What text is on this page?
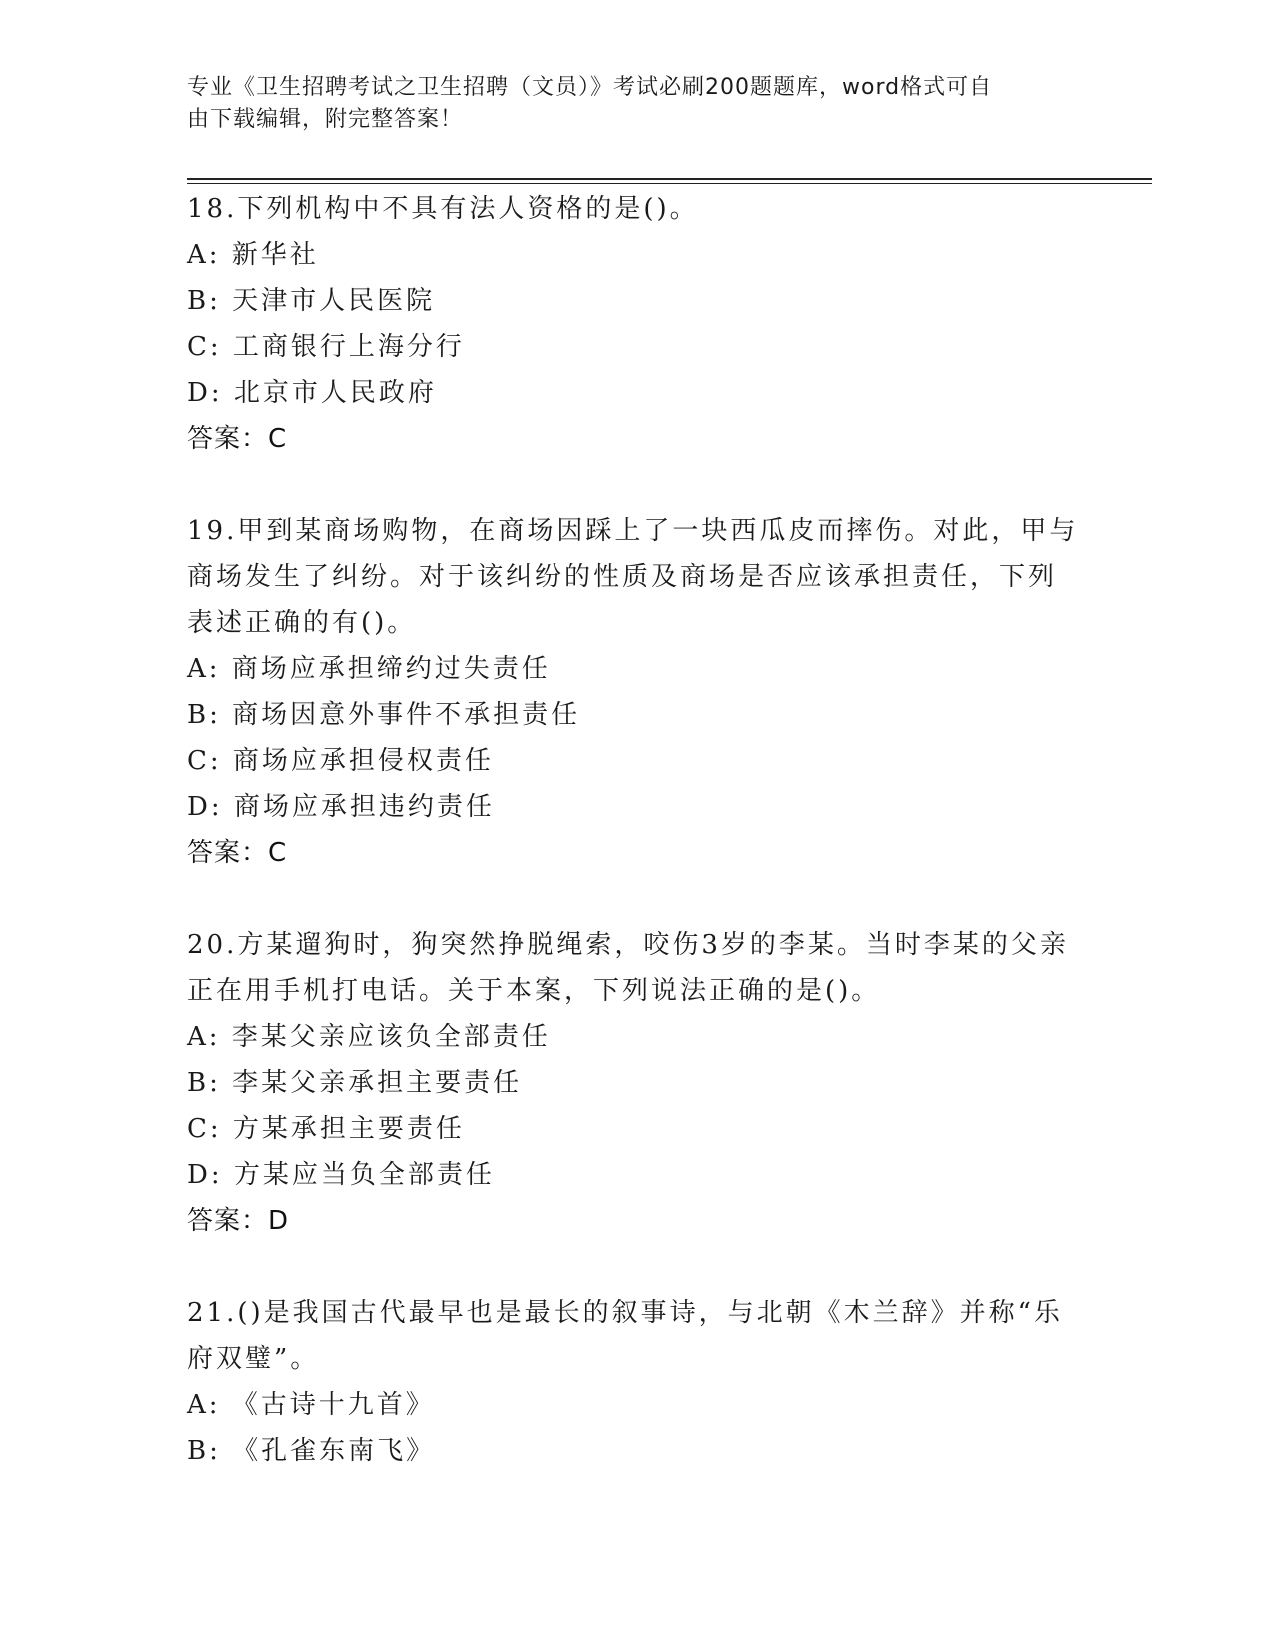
专业《卫生招聘考试之卫生招聘（文员）》考试必刷200题题库，word格式可自
由下载编辑，附完整答案！
18.下列机构中不具有法人资格的是()。
A: 新华社
B: 天津市人民医院
C: 工商银行上海分行
D: 北京市人民政府
答案：C
19.甲到某商场购物，在商场因踩上了一块西瓜皮而摔伤。对此，甲与
商场发生了纠纷。对于该纠纷的性质及商场是否应该承担责任，下列
表述正确的有()。
A: 商场应承担缔约过失责任
B: 商场因意外事件不承担责任
C: 商场应承担侵权责任
D: 商场应承担违约责任
答案：C
20.方某遛狗时，狗突然挣脱绳索，咬伤3岁的李某。当时李某的父亲
正在用手机打电话。关于本案，下列说法正确的是()。
A: 李某父亲应该负全部责任
B: 李某父亲承担主要责任
C: 方某承担主要责任
D: 方某应当负全部责任
答案：D
21.()是我国古代最早也是最长的叙事诗，与北朝《木兰辞》并称“乐
府双璧”。
A: 《古诗十九首》
B: 《孔雀东南飞》
